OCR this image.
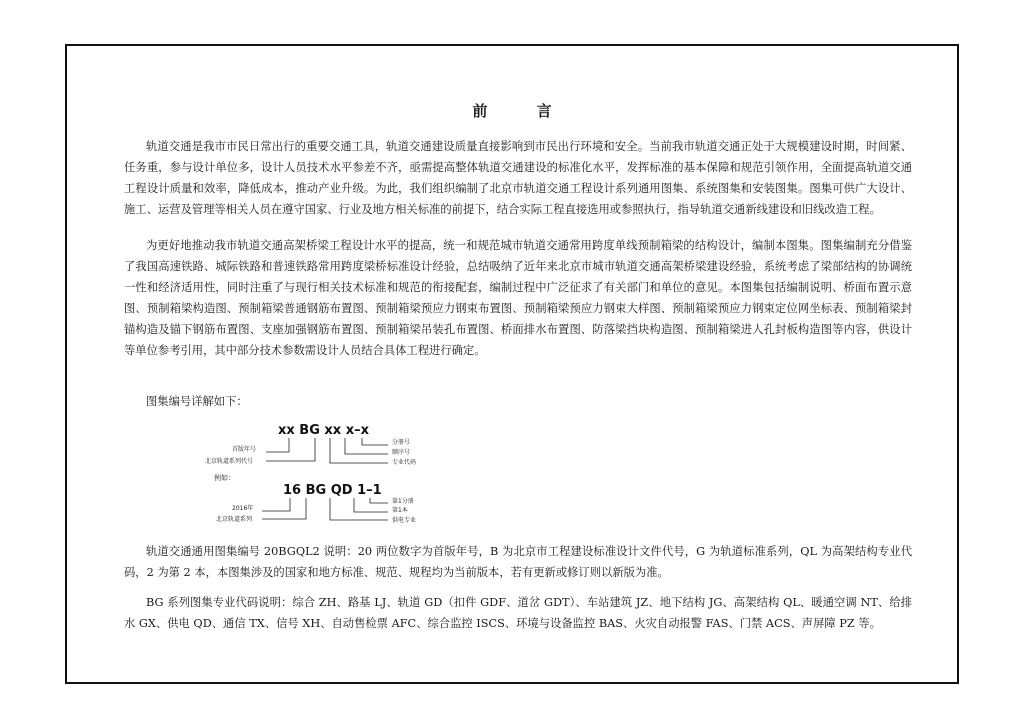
前 言
轨道交通是我市市民日常出行的重要交通工具，轨道交通建设质量直接影响到市民出行环境和安全。当前我市轨道交通正处于大规模建设时期，时间紧、任务重，参与设计单位多，设计人员技术水平参差不齐，亟需提高整体轨道交通建设的标准化水平，发挥标准的基本保障和规范引领作用，全面提高轨道交通工程设计质量和效率，降低成本，推动产业升级。为此，我们组织编制了北京市轨道交通工程设计系列通用图集、系统图集和安装图集。图集可供广大设计、施工、运营及管理等相关人员在遵守国家、行业及地方相关标准的前提下，结合实际工程直接选用或参照执行，指导轨道交通新线建设和旧线改造工程。
为更好地推动我市轨道交通高架桥梁工程设计水平的提高，统一和规范城市轨道交通常用跨度单线预制箱梁的结构设计，编制本图集。图集编制充分借鉴了我国高速铁路、城际铁路和普速铁路常用跨度梁桥标准设计经验，总结吸纳了近年来北京市城市轨道交通高架桥梁建设经验，系统考虑了梁部结构的协调统一性和经济适用性，同时注重了与现行相关技术标准和规范的衔接配套，编制过程中广泛征求了有关部门和单位的意见。本图集包括编制说明、桥面布置示意图、预制箱梁构造图、预制箱梁普通钢筋布置图、预制箱梁预应力钢束布置图、预制箱梁预应力钢束大样图、预制箱梁预应力钢束定位网坐标表、预制箱梁封锚构造及锚下钢筋布置图、支座加强钢筋布置图、预制箱梁吊装孔布置图、桥面排水布置图、防落梁挡块构造图、预制箱梁进人孔封板构造图等内容，供设计等单位参考引用，其中部分技术参数需设计人员结合具体工程进行确定。
图集编号详解如下：
轨道交通通用图集编号 20BGQL2 说明：20 两位数字为首版年号，B 为北京市工程建设标准设计文件代号，G 为轨道标准系列，QL 为高架结构专业代码，2 为第 2 本，本图集涉及的国家和地方标准、规范、规程均为当前版本，若有更新或修订则以新版为准。
BG 系列图集专业代码说明：综合 ZH、路基 LJ、轨道 GD（扣件 GDF、道岔 GDT）、车站建筑 JZ、地下结构 JG、高架结构 QL、暖通空调 NT、给排水 GX、供电 QD、通信 TX、信号 XH、自动售检票 AFC、综合监控 ISCS、环境与设备监控 BAS、火灾自动报警 FAS、门禁 ACS、声屏障 PZ 等。
xx BG xx x–x
首版年号
北京轨道系列代号
分册号
顺序号
专业代码
例如：
16 BG QD 1–1
2016年
北京轨道系列
第1分册
第1本
供电专业
